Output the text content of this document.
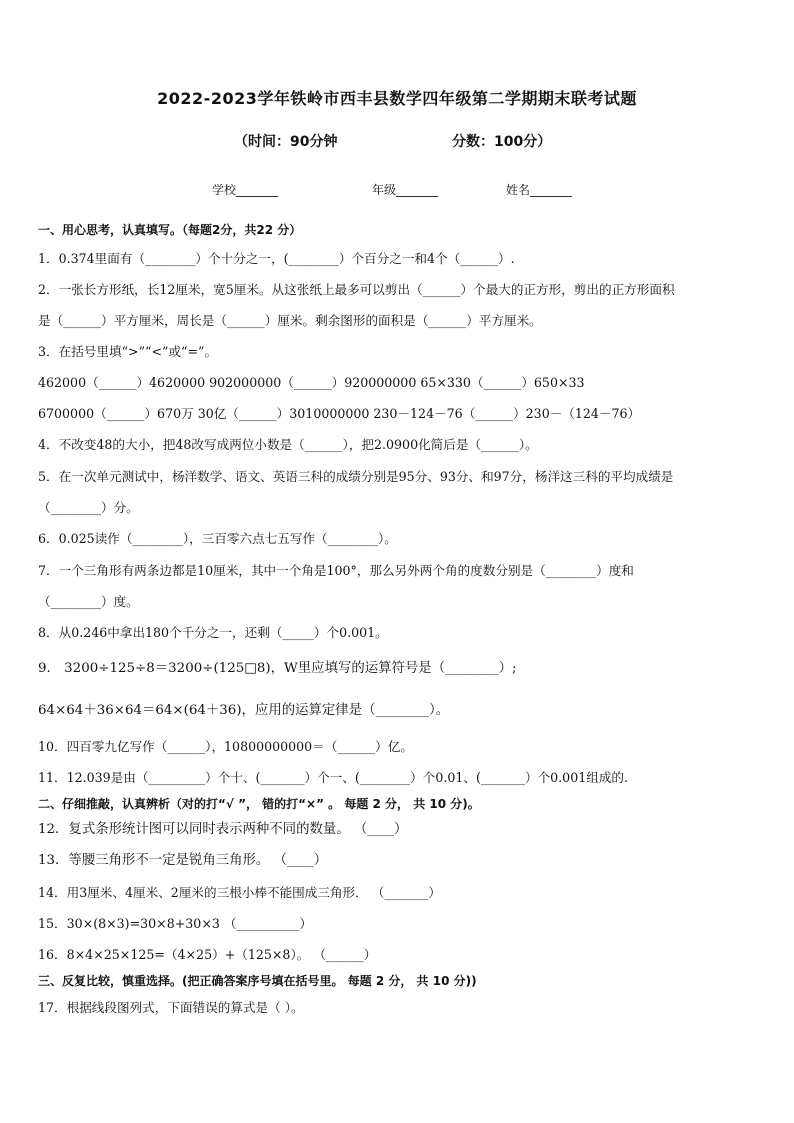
2022-2023学年铁岭市西丰县数学四年级第二学期期末联考试题
（时间：90分钟	分数：100分）
学校_______	年级_______	姓名_______
一、用心思考，认真填写。（每题2分，共22 分）
1．0.374里面有（________）个十分之一，(________）个百分之一和4个（______）.
2．一张长方形纸，长12厘米，宽5厘米。从这张纸上最多可以剪出（______）个最大的正方形，剪出的正方形面积
是（______）平方厘米，周长是（______）厘米。剩余图形的面积是（______）平方厘米。
3．在括号里填“>”“<”或“=”。
462000（______）4620000 902000000（______）920000000 65×330（______）650×33
6700000（______）670万 30亿（______）3010000000 230－124－76（______）230－（124－76）
4．不改变48的大小，把48改写成两位小数是（______），把2.0900化简后是（______）。
5．在一次单元测试中，杨洋数学、语文、英语三科的成绩分别是95分、93分、和97分，杨洋这三科的平均成绩是
（________）分。
6．0.025读作（________），三百零六点七五写作（________）。
7．一个三角形有两条边都是10厘米，其中一个角是100°，那么另外两个角的度数分别是（________）度和
（________）度。
8．从0.246中拿出180个千分之一，还剩（_____）个0.001。
9． 3200÷125÷8＝3200÷(125□8)，W里应填写的运算符号是（________）;
64×64＋36×64＝64×(64＋36)，应用的运算定律是（________）。
10．四百零九亿写作（______），10800000000＝（______）亿。
11．12.039是由（_________）个十、(_______）个一、(________）个0.01、(_______）个0.001组成的.
二、仔细推敲，认真辨析（对的打“√ ”， 错的打“×” 。 每题 2 分， 共 10 分)。
12．复式条形统计图可以同时表示两种不同的数量。 （____）
13．等腰三角形不一定是锐角三角形。 （____）
14．用3厘米、4厘米、2厘米的三根小棒不能围成三角形． （_______）
15．30×(8×3)=30×8+30×3 （__________）
16．8×4×25×125=（4×25）+（125×8）。 （______）
三、反复比较，慎重选择。(把正确答案序号填在括号里。 每题 2 分， 共 10 分))
17．根据线段图列式，下面错误的算式是（ ）。
